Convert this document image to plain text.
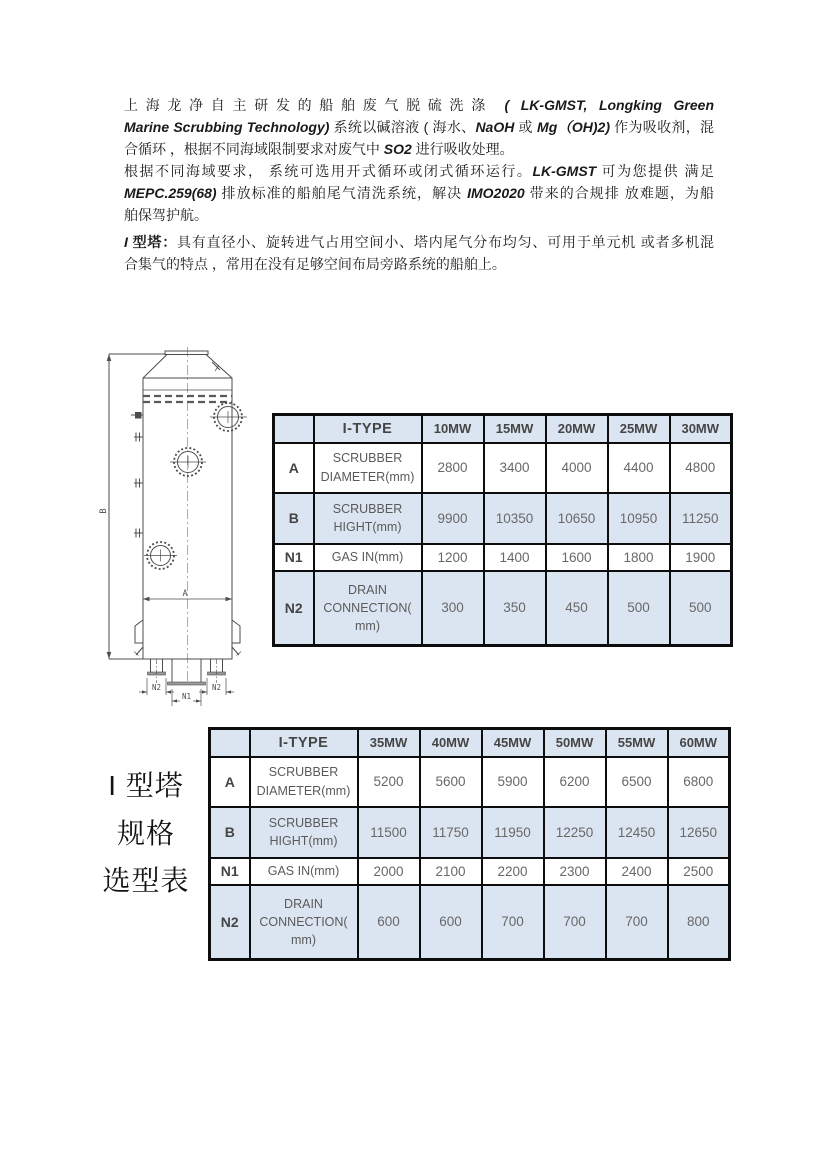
上海龙净自主研发的船舶废气脱硫洗涤 ( LK-GMST, Longking Green
Marine Scrubbing Technology) 系统以碱溶液 ( 海水、NaOH 或 Mg（OH)2) 作为吸收剂，混
合循环 ，根据不同海域限制要求对废气中 SO2 进行吸收处理。
根据不同海域要求， 系统可选用开式循环或闭式循环运行。LK-GMST 可为您提供 满足
MEPC.259(68) 排放标准的船舶尾气清洗系统，解决 IMO2020 带来的合规排 放难题，为船
舶保驾护航。
I 型塔：具有直径小、旋转进气占用空间小、塔内尾气分布均匀、可用于单元机 或者多机混
合集气的特点 ，常用在没有足够空间布局旁路系统的船舶上。
B
A
N2	N2
N1
	I-TYPE	10MW	15MW	20MW	25MW	30MW
A	SCRUBBER DIAMETER(mm)	2800	3400	4000	4400	4800
B	SCRUBBER HIGHT(mm)	9900	10350	10650	10950	11250
N1	GAS IN(mm)	1200	1400	1600	1800	1900
N2	DRAIN CONNECTION( mm)	300	350	450	500	500
I 型塔
规格
选型表
	I-TYPE	35MW	40MW	45MW	50MW	55MW	60MW
A	SCRUBBER DIAMETER(mm)	5200	5600	5900	6200	6500	6800
B	SCRUBBER HIGHT(mm)	11500	11750	11950	12250	12450	12650
N1	GAS IN(mm)	2000	2100	2200	2300	2400	2500
N2	DRAIN CONNECTION( mm)	600	600	700	700	700	800
